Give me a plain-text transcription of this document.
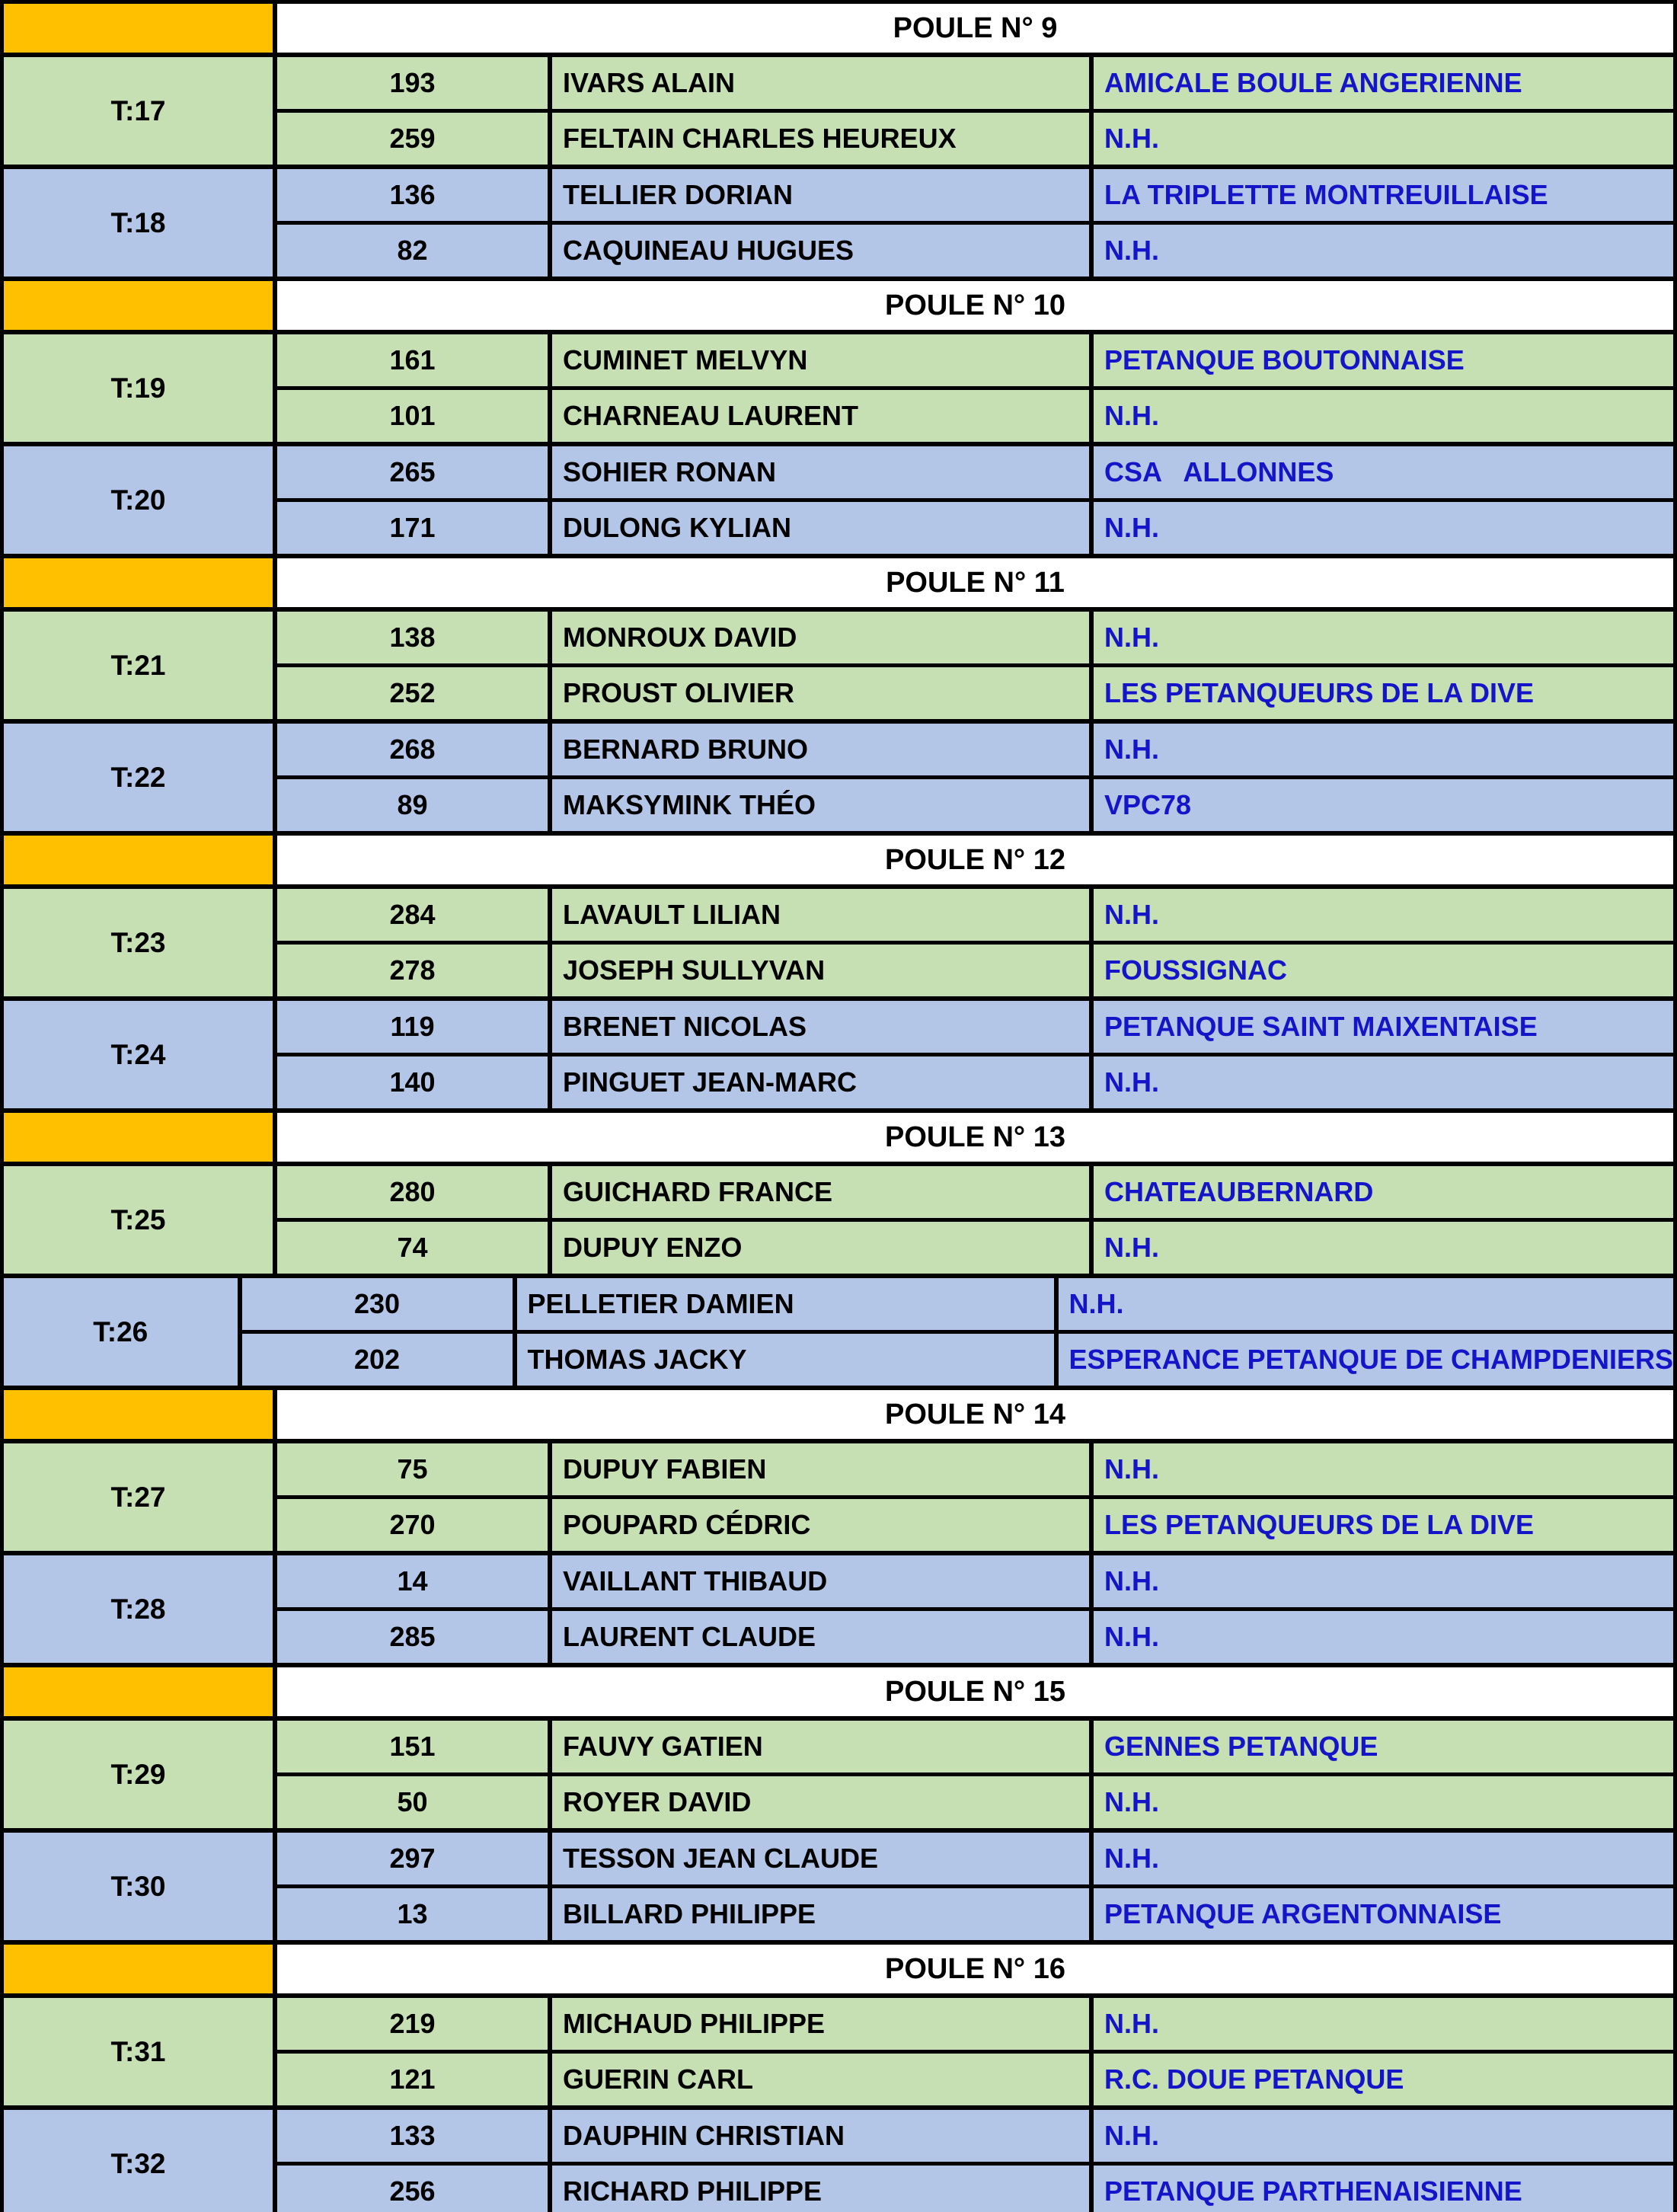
POULE N° 9
T:17
193	IVARS ALAIN	AMICALE BOULE ANGERIENNE
259	FELTAIN CHARLES HEUREUX	N.H.
T:18
136	TELLIER DORIAN	LA TRIPLETTE MONTREUILLAISE
82	CAQUINEAU HUGUES	N.H.
POULE N° 10
T:19
161	CUMINET MELVYN	PETANQUE BOUTONNAISE
101	CHARNEAU LAURENT	N.H.
T:20
265	SOHIER RONAN	CSA   ALLONNES
171	DULONG KYLIAN	N.H.
POULE N° 11
T:21
138	MONROUX DAVID	N.H.
252	PROUST OLIVIER	LES PETANQUEURS DE LA DIVE
T:22
268	BERNARD BRUNO	N.H.
89	MAKSYMINK THÉO	VPC78
POULE N° 12
T:23
284	LAVAULT LILIAN	N.H.
278	JOSEPH SULLYVAN	FOUSSIGNAC
T:24
119	BRENET NICOLAS	PETANQUE SAINT MAIXENTAISE
140	PINGUET JEAN-MARC	N.H.
POULE N° 13
T:25
280	GUICHARD FRANCE	CHATEAUBERNARD
74	DUPUY ENZO	N.H.
T:26
230	PELLETIER DAMIEN	N.H.
202	THOMAS JACKY	ESPERANCE PETANQUE DE CHAMPDENIERS
POULE N° 14
T:27
75	DUPUY FABIEN	N.H.
270	POUPARD CÉDRIC	LES PETANQUEURS DE LA DIVE
T:28
14	VAILLANT THIBAUD	N.H.
285	LAURENT CLAUDE	N.H.
POULE N° 15
T:29
151	FAUVY GATIEN	GENNES PETANQUE
50	ROYER DAVID	N.H.
T:30
297	TESSON JEAN CLAUDE	N.H.
13	BILLARD PHILIPPE	PETANQUE ARGENTONNAISE
POULE N° 16
T:31
219	MICHAUD PHILIPPE	N.H.
121	GUERIN CARL	R.C. DOUE PETANQUE
T:32
133	DAUPHIN CHRISTIAN	N.H.
256	RICHARD PHILIPPE	PETANQUE PARTHENAISIENNE
